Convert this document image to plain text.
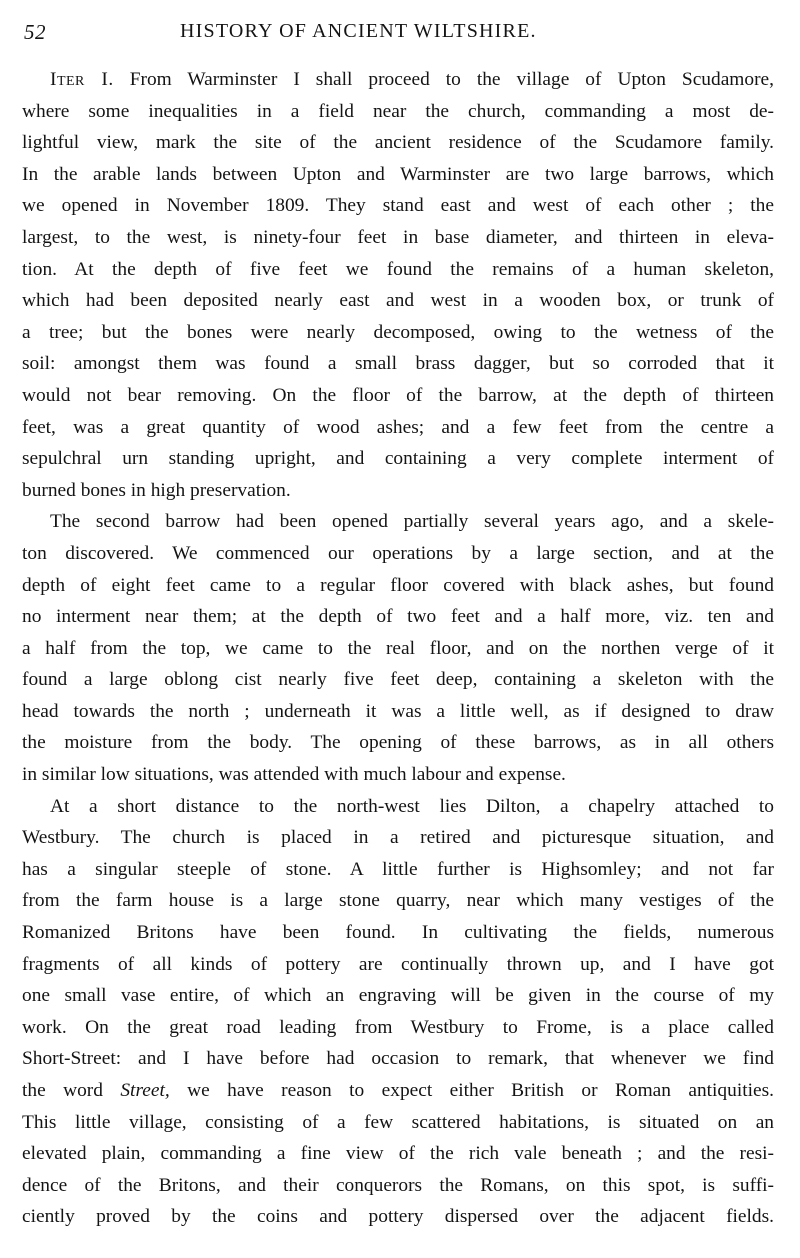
52	HISTORY OF ANCIENT WILTSHIRE.
Iter I. From Warminster I shall proceed to the village of Upton Scudamore,
where some inequalities in a field near the church, commanding a most de-
lightful view, mark the site of the ancient residence of the Scudamore family.
In the arable lands between Upton and Warminster are two large barrows, which
we opened in November 1809. They stand east and west of each other ; the
largest, to the west, is ninety-four feet in base diameter, and thirteen in eleva-
tion. At the depth of five feet we found the remains of a human skeleton,
which had been deposited nearly east and west in a wooden box, or trunk of
a tree; but the bones were nearly decomposed, owing to the wetness of the
soil: amongst them was found a small brass dagger, but so corroded that it
would not bear removing. On the floor of the barrow, at the depth of thirteen
feet, was a great quantity of wood ashes; and a few feet from the centre a
sepulchral urn standing upright, and containing a very complete interment of
burned bones in high preservation.
The second barrow had been opened partially several years ago, and a skele-
ton discovered. We commenced our operations by a large section, and at the
depth of eight feet came to a regular floor covered with black ashes, but found
no interment near them; at the depth of two feet and a half more, viz. ten and
a half from the top, we came to the real floor, and on the northen verge of it
found a large oblong cist nearly five feet deep, containing a skeleton with the
head towards the north ; underneath it was a little well, as if designed to draw
the moisture from the body. The opening of these barrows, as in all others
in similar low situations, was attended with much labour and expense.
At a short distance to the north-west lies Dilton, a chapelry attached to
Westbury. The church is placed in a retired and picturesque situation, and
has a singular steeple of stone. A little further is Highsomley; and not far
from the farm house is a large stone quarry, near which many vestiges of the
Romanized Britons have been found. In cultivating the fields, numerous
fragments of all kinds of pottery are continually thrown up, and I have got
one small vase entire, of which an engraving will be given in the course of my
work. On the great road leading from Westbury to Frome, is a place called
Short-Street: and I have before had occasion to remark, that whenever we find
the word Street, we have reason to expect either British or Roman antiquities.
This little village, consisting of a few scattered habitations, is situated on an
elevated plain, commanding a fine view of the rich vale beneath ; and the resi-
dence of the Britons, and their conquerors the Romans, on this spot, is suffi-
ciently proved by the coins and pottery dispersed over the adjacent fields.
